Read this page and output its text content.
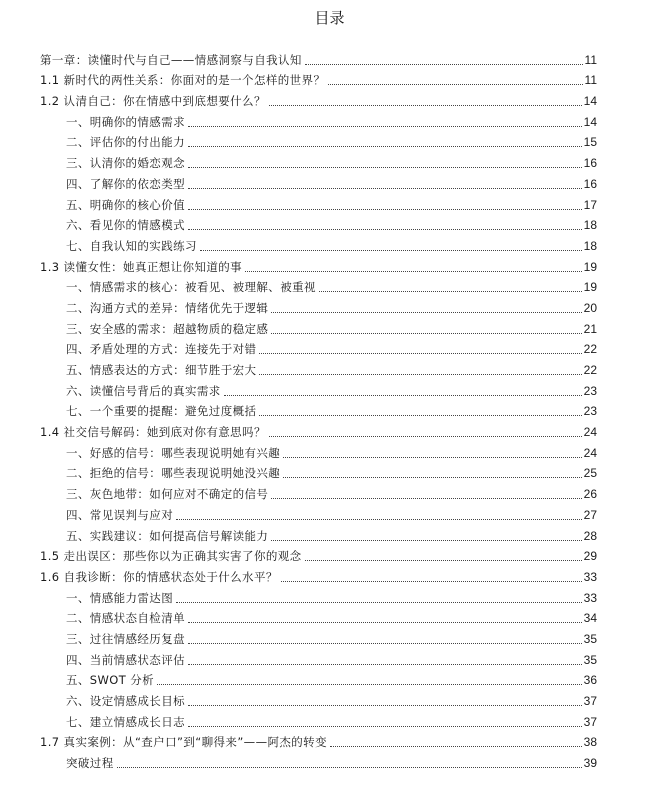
目录
第一章：读懂时代与自己——情感洞察与自我认知	11
1.1 新时代的两性关系：你面对的是一个怎样的世界？	11
1.2 认清自己：你在情感中到底想要什么？	14
一、明确你的情感需求	14
二、评估你的付出能力	15
三、认清你的婚恋观念	16
四、了解你的依恋类型	16
五、明确你的核心价值	17
六、看见你的情感模式	18
七、自我认知的实践练习	18
1.3 读懂女性：她真正想让你知道的事	19
一、情感需求的核心：被看见、被理解、被重视	19
二、沟通方式的差异：情绪优先于逻辑	20
三、安全感的需求：超越物质的稳定感	21
四、矛盾处理的方式：连接先于对错	22
五、情感表达的方式：细节胜于宏大	22
六、读懂信号背后的真实需求	23
七、一个重要的提醒：避免过度概括	23
1.4 社交信号解码：她到底对你有意思吗？	24
一、好感的信号：哪些表现说明她有兴趣	24
二、拒绝的信号：哪些表现说明她没兴趣	25
三、灰色地带：如何应对不确定的信号	26
四、常见误判与应对	27
五、实践建议：如何提高信号解读能力	28
1.5 走出误区：那些你以为正确其实害了你的观念	29
1.6 自我诊断：你的情感状态处于什么水平？	33
一、情感能力雷达图	33
二、情感状态自检清单	34
三、过往情感经历复盘	35
四、当前情感状态评估	35
五、SWOT 分析	36
六、设定情感成长目标	37
七、建立情感成长日志	37
1.7 真实案例：从“查户口”到“聊得来”——阿杰的转变	38
突破过程	39
